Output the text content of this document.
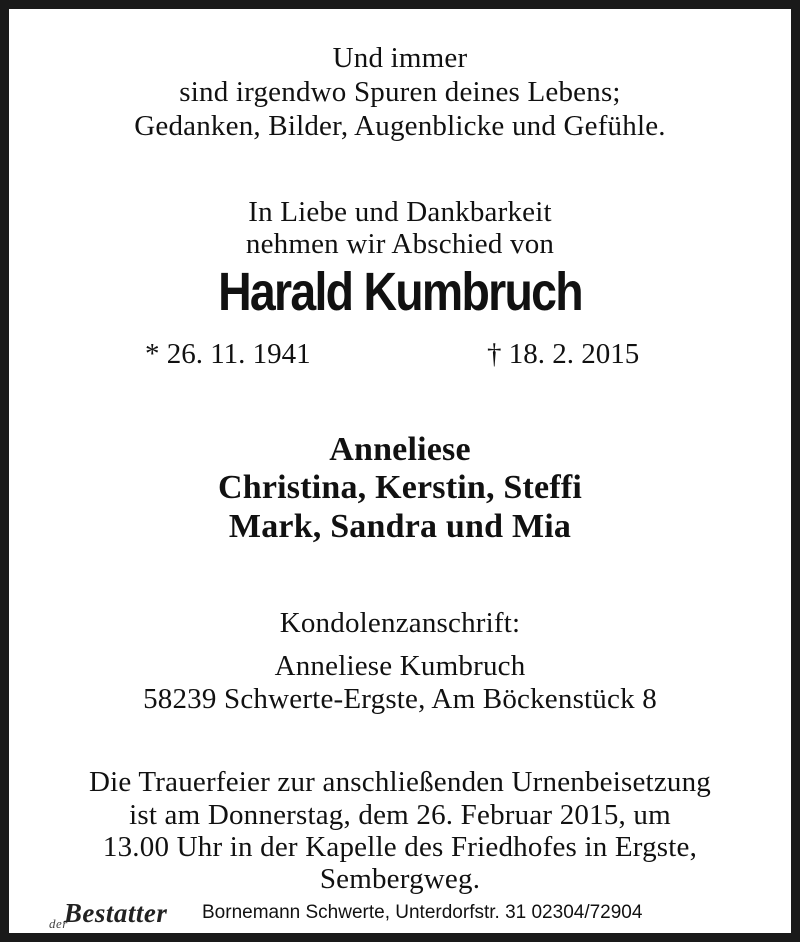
Und immer
sind irgendwo Spuren deines Lebens;
Gedanken, Bilder, Augenblicke und Gefühle.
In Liebe und Dankbarkeit
nehmen wir Abschied von
Harald Kumbruch
* 26. 11. 1941	† 18. 2. 2015
Anneliese
Christina, Kerstin, Steffi
Mark, Sandra und Mia
Kondolenzanschrift:
Anneliese Kumbruch
58239 Schwerte-Ergste, Am Böckenstück 8
Die Trauerfeier zur anschließenden Urnenbeisetzung
ist am Donnerstag, dem 26. Februar 2015, um
13.00 Uhr in der Kapelle des Friedhofes in Ergste,
Sembergweg.
$_{der}$Bestatter Bornemann Schwerte, Unterdorfstr. 31 02304/72904
